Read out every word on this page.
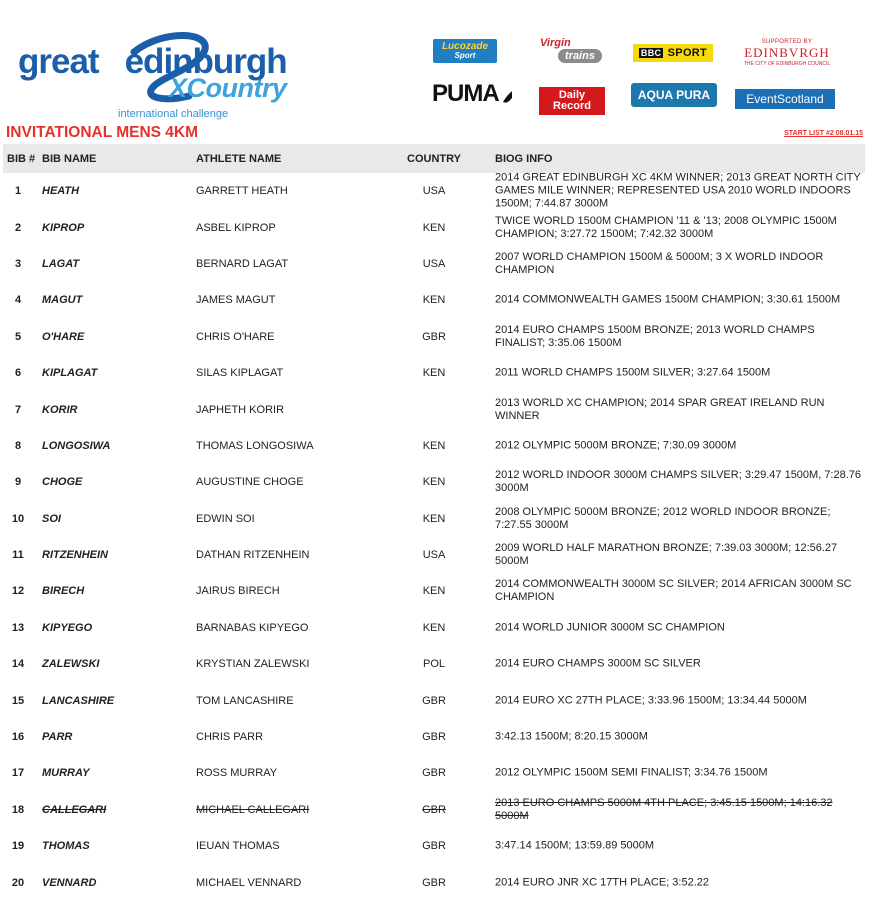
great edinburgh
XCountry
international challenge
Lucozade
Sport
Virgin
trains	BBC
SPORT
SUPPORTED BY
EDINBVRGH
THE CITY OF EDINBURGH COUNCIL
PUMA	Daily
Record
AQUA PURA	EventScotland
INVITATIONAL MENS 4KM	START LIST #2 08.01.15
BIB # BIB NAME	ATHLETE NAME	COUNTRY	BIOG INFO
1	HEATH	GARRETT HEATH	USA
2014 GREAT EDINBURGH XC 4KM WINNER; 2013 GREAT NORTH CITY GAMES MILE WINNER; REPRESENTED USA 2010 WORLD INDOORS 1500M; 7:44.87 3000M
2	KIPROP	ASBEL KIPROP	KEN
TWICE WORLD 1500M CHAMPION '11 & '13; 2008 OLYMPIC 1500M CHAMPION; 3:27.72 1500M; 7:42.32 3000M
3	LAGAT	BERNARD LAGAT	USA
2007 WORLD CHAMPION 1500M & 5000M; 3 X WORLD INDOOR CHAMPION
4	MAGUT	JAMES MAGUT	KEN	2014 COMMONWEALTH GAMES 1500M CHAMPION; 3:30.61 1500M
5	O'HARE	CHRIS O'HARE	GBR
2014 EURO CHAMPS 1500M BRONZE; 2013 WORLD CHAMPS FINALIST; 3:35.06 1500M
6	KIPLAGAT	SILAS KIPLAGAT	KEN	2011 WORLD CHAMPS 1500M SILVER; 3:27.64 1500M
7	KORIR	JAPHETH KORIR
2013 WORLD XC CHAMPION; 2014 SPAR GREAT IRELAND RUN WINNER
8	LONGOSIWA	THOMAS LONGOSIWA	KEN	2012 OLYMPIC 5000M BRONZE; 7:30.09 3000M
9	CHOGE	AUGUSTINE CHOGE	KEN
2012 WORLD INDOOR 3000M CHAMPS SILVER; 3:29.47 1500M, 7:28.76 3000M
10	SOI	EDWIN SOI	KEN
2008 OLYMPIC 5000M BRONZE; 2012 WORLD INDOOR BRONZE; 7:27.55 3000M
11	RITZENHEIN	DATHAN RITZENHEIN	USA
2009 WORLD HALF MARATHON BRONZE; 7:39.03 3000M; 12:56.27 5000M
12	BIRECH	JAIRUS BIRECH	KEN
2014 COMMONWEALTH 3000M SC SILVER; 2014 AFRICAN 3000M SC CHAMPION
13	KIPYEGO	BARNABAS KIPYEGO	KEN	2014 WORLD JUNIOR 3000M SC CHAMPION
14	ZALEWSKI	KRYSTIAN ZALEWSKI	POL	2014 EURO CHAMPS 3000M SC SILVER
15	LANCASHIRE	TOM LANCASHIRE	GBR	2014 EURO XC 27TH PLACE; 3:33.96 1500M; 13:34.44 5000M
16	PARR	CHRIS PARR	GBR	3:42.13 1500M; 8:20.15 3000M
17	MURRAY	ROSS MURRAY	GBR	2012 OLYMPIC 1500M SEMI FINALIST; 3:34.76 1500M
18	CALLEGARI	MICHAEL CALLEGARI	GBR
2013 EURO CHAMPS 5000M 4TH PLACE; 3:45.15 1500M; 14:16.32 5000M
19	THOMAS	IEUAN THOMAS	GBR	3:47.14 1500M; 13:59.89 5000M
20	VENNARD	MICHAEL VENNARD	GBR	2014 EURO JNR XC 17TH PLACE; 3:52.22
